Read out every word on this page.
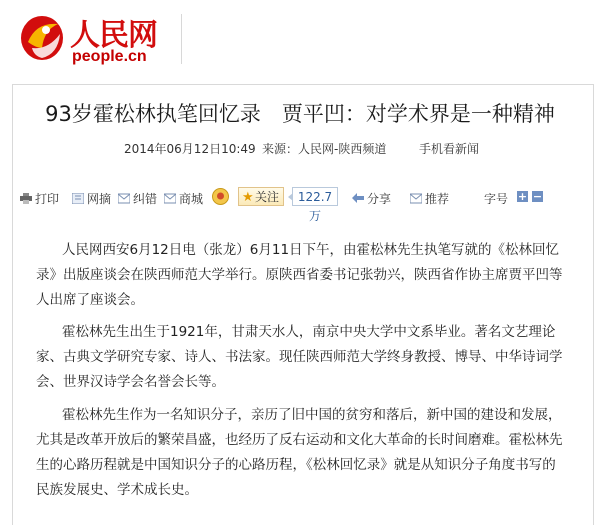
人民网
people.cn
93岁霍松林执笔回忆录　贾平凹：对学术界是一种精神
2014年06月12日10:49 来源：人民网-陕西频道	手机看新闻
打印	网摘	纠错	商城	★ 关注	122.7万
分享	推荐	字号 + −

人民网西安6月12日电（张龙）6月11日下午，由霍松林先生执笔写就的《松林回忆
录》出版座谈会在陕西师范大学举行。原陕西省委书记张勃兴，陕西省作协主席贾平凹等
人出席了座谈会。

霍松林先生出生于1921年，甘肃天水人，南京中央大学中文系毕业。著名文艺理论
家、古典文学研究专家、诗人、书法家。现任陕西师范大学终身教授、博导、中华诗词学
会、世界汉诗学会名誉会长等。

霍松林先生作为一名知识分子，亲历了旧中国的贫穷和落后，新中国的建设和发展，
尤其是改革开放后的繁荣昌盛，也经历了反右运动和文化大革命的长时间磨难。霍松林先
生的心路历程就是中国知识分子的心路历程，《松林回忆录》就是从知识分子角度书写的
民族发展史、学术成长史。
